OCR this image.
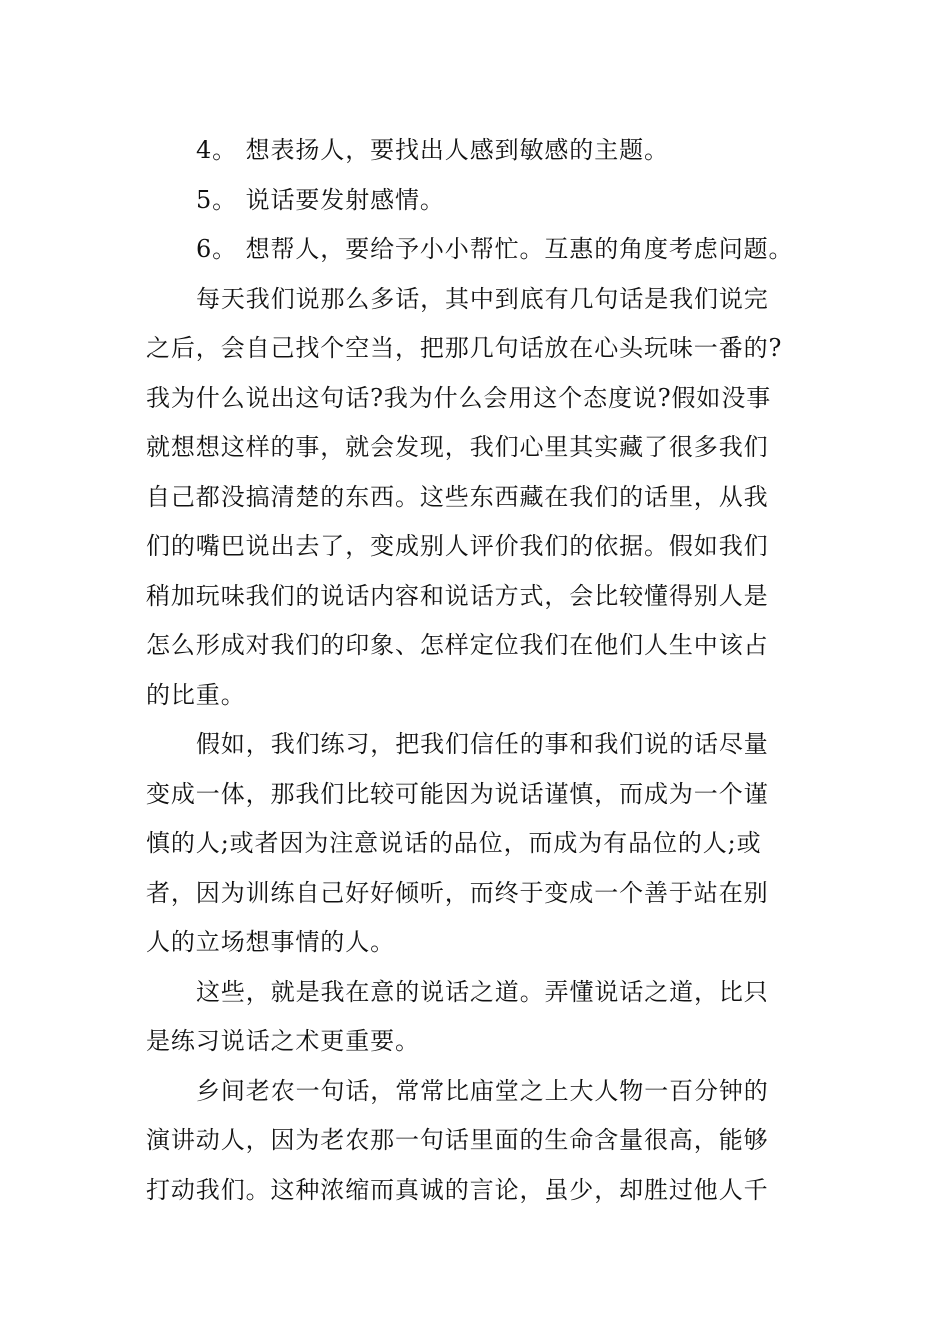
4。 想表扬人，要找出人感到敏感的主题。
5。 说话要发射感情。
6。 想帮人，要给予小小帮忙。互惠的角度考虑问题。
每天我们说那么多话，其中到底有几句话是我们说完
之后，会自己找个空当，把那几句话放在心头玩味一番的?
我为什么说出这句话?我为什么会用这个态度说?假如没事
就想想这样的事，就会发现，我们心里其实藏了很多我们
自己都没搞清楚的东西。这些东西藏在我们的话里，从我
们的嘴巴说出去了，变成别人评价我们的依据。假如我们
稍加玩味我们的说话内容和说话方式，会比较懂得别人是
怎么形成对我们的印象、怎样定位我们在他们人生中该占
的比重。
假如，我们练习，把我们信任的事和我们说的话尽量
变成一体，那我们比较可能因为说话谨慎，而成为一个谨
慎的人;或者因为注意说话的品位，而成为有品位的人;或
者，因为训练自己好好倾听，而终于变成一个善于站在别
人的立场想事情的人。
这些，就是我在意的说话之道。弄懂说话之道，比只
是练习说话之术更重要。
乡间老农一句话，常常比庙堂之上大人物一百分钟的
演讲动人，因为老农那一句话里面的生命含量很高，能够
打动我们。这种浓缩而真诚的言论，虽少，却胜过他人千
